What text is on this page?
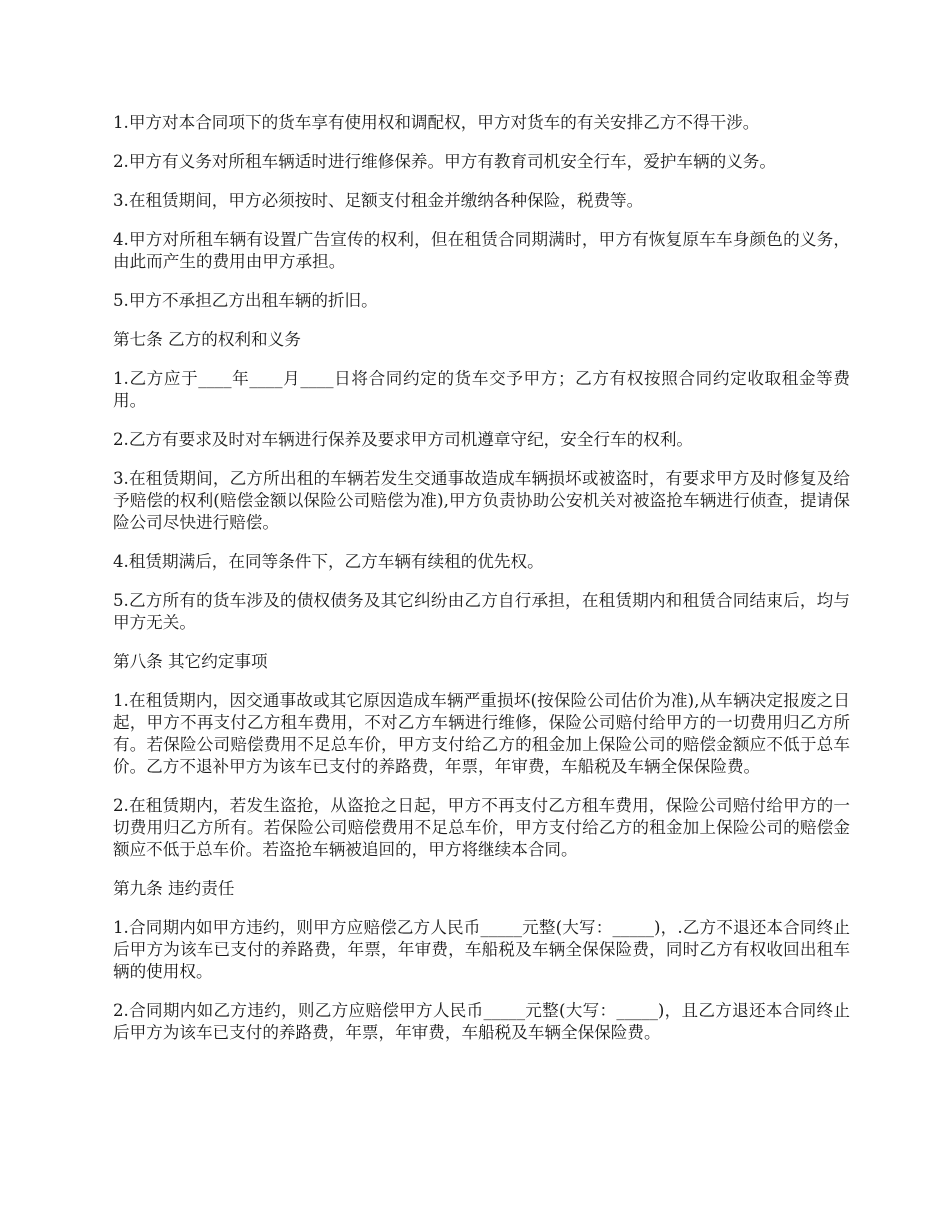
1.甲方对本合同项下的货车享有使用权和调配权，甲方对货车的有关安排乙方不得干涉。

2.甲方有义务对所租车辆适时进行维修保养。甲方有教育司机安全行车，爱护车辆的义务。

3.在租赁期间，甲方必须按时、足额支付租金并缴纳各种保险，税费等。

4.甲方对所租车辆有设置广告宣传的权利，但在租赁合同期满时，甲方有恢复原车车身颜色的义务，由此而产生的费用由甲方承担。

5.甲方不承担乙方出租车辆的折旧。

第七条 乙方的权利和义务

1.乙方应于____年____月____日将合同约定的货车交予甲方；乙方有权按照合同约定收取租金等费用。

2.乙方有要求及时对车辆进行保养及要求甲方司机遵章守纪，安全行车的权利。

3.在租赁期间，乙方所出租的车辆若发生交通事故造成车辆损坏或被盗时，有要求甲方及时修复及给予赔偿的权利(赔偿金额以保险公司赔偿为准),甲方负责协助公安机关对被盗抢车辆进行侦查，提请保险公司尽快进行赔偿。

4.租赁期满后，在同等条件下，乙方车辆有续租的优先权。

5.乙方所有的货车涉及的债权债务及其它纠纷由乙方自行承担，在租赁期内和租赁合同结束后，均与甲方无关。

第八条 其它约定事项

1.在租赁期内，因交通事故或其它原因造成车辆严重损坏(按保险公司估价为准),从车辆决定报废之日起，甲方不再支付乙方租车费用，不对乙方车辆进行维修，保险公司赔付给甲方的一切费用归乙方所有。若保险公司赔偿费用不足总车价，甲方支付给乙方的租金加上保险公司的赔偿金额应不低于总车价。乙方不退补甲方为该车已支付的养路费，年票，年审费，车船税及车辆全保保险费。

2.在租赁期内，若发生盗抢，从盗抢之日起，甲方不再支付乙方租车费用，保险公司赔付给甲方的一切费用归乙方所有。若保险公司赔偿费用不足总车价，甲方支付给乙方的租金加上保险公司的赔偿金额应不低于总车价。若盗抢车辆被追回的，甲方将继续本合同。

第九条 违约责任

1.合同期内如甲方违约，则甲方应赔偿乙方人民币_____元整(大写：_____)，.乙方不退还本合同终止后甲方为该车已支付的养路费，年票，年审费，车船税及车辆全保保险费，同时乙方有权收回出租车辆的使用权。

2.合同期内如乙方违约，则乙方应赔偿甲方人民币_____元整(大写：_____)，且乙方退还本合同终止后甲方为该车已支付的养路费，年票，年审费，车船税及车辆全保保险费。
